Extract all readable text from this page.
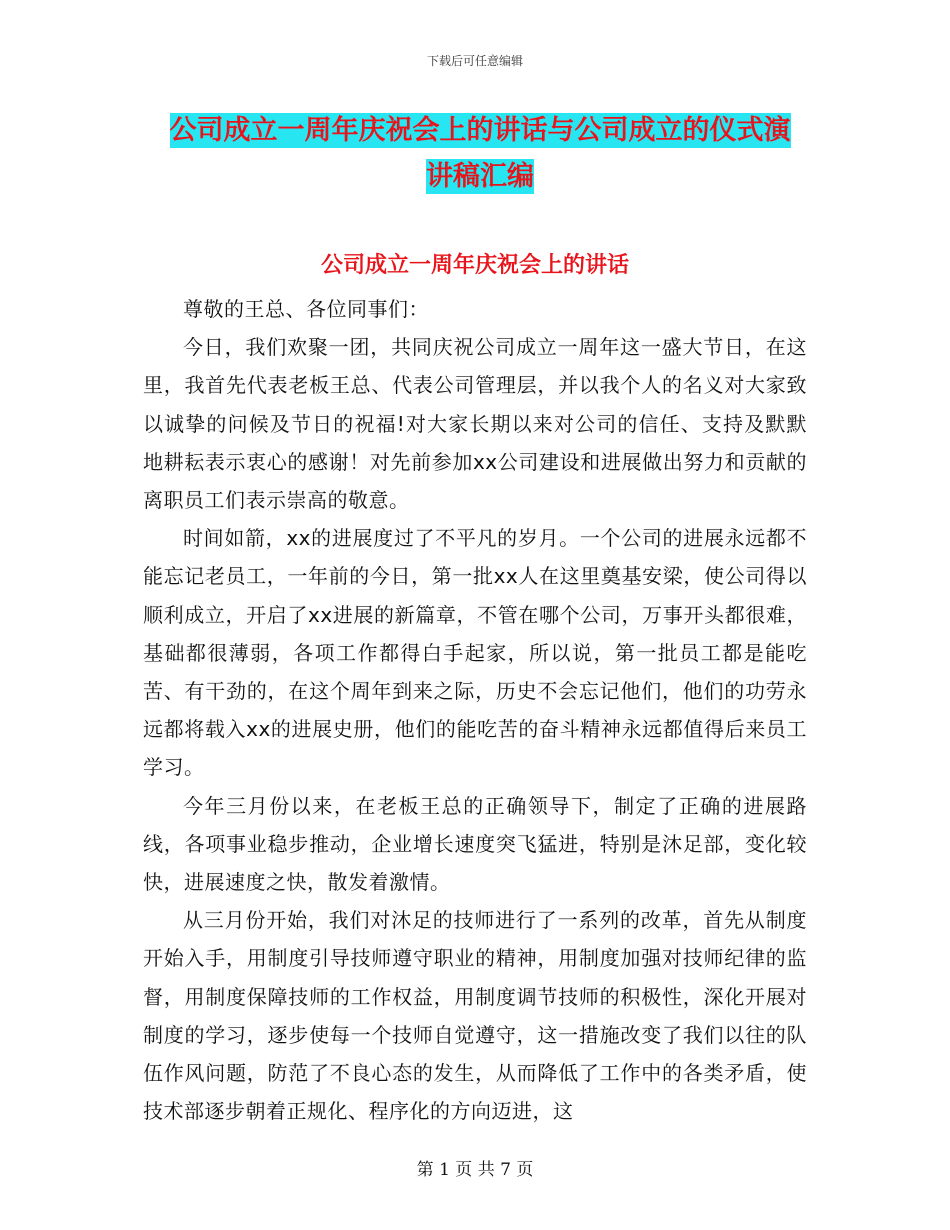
下载后可任意编辑
公司成立一周年庆祝会上的讲话与公司成立的仪式演
讲稿汇编
公司成立一周年庆祝会上的讲话

尊敬的王总、各位同事们：

今日，我们欢聚一团，共同庆祝公司成立一周年这一盛大节日，在这里，我首先代表老板王总、代表公司管理层，并以我个人的名义对大家致以诚挚的问候及节日的祝福!对大家长期以来对公司的信任、支持及默默地耕耘表示衷心的感谢！对先前参加xx公司建设和进展做出努力和贡献的离职员工们表示崇高的敬意。

时间如箭，xx的进展度过了不平凡的岁月。一个公司的进展永远都不能忘记老员工，一年前的今日，第一批xx人在这里奠基安梁，使公司得以顺利成立，开启了xx进展的新篇章，不管在哪个公司，万事开头都很难，基础都很薄弱，各项工作都得白手起家，所以说，第一批员工都是能吃苦、有干劲的，在这个周年到来之际，历史不会忘记他们，他们的功劳永远都将载入xx的进展史册，他们的能吃苦的奋斗精神永远都值得后来员工学习。

今年三月份以来，在老板王总的正确领导下，制定了正确的进展路线，各项事业稳步推动，企业增长速度突飞猛进，特别是沐足部，变化较快，进展速度之快，散发着激情。

从三月份开始，我们对沐足的技师进行了一系列的改革，首先从制度开始入手，用制度引导技师遵守职业的精神，用制度加强对技师纪律的监督，用制度保障技师的工作权益，用制度调节技师的积极性，深化开展对制度的学习，逐步使每一个技师自觉遵守，这一措施改变了我们以往的队伍作风问题，防范了不良心态的发生，从而降低了工作中的各类矛盾，使技术部逐步朝着正规化、程序化的方向迈进，这

第 1 页 共 7 页
